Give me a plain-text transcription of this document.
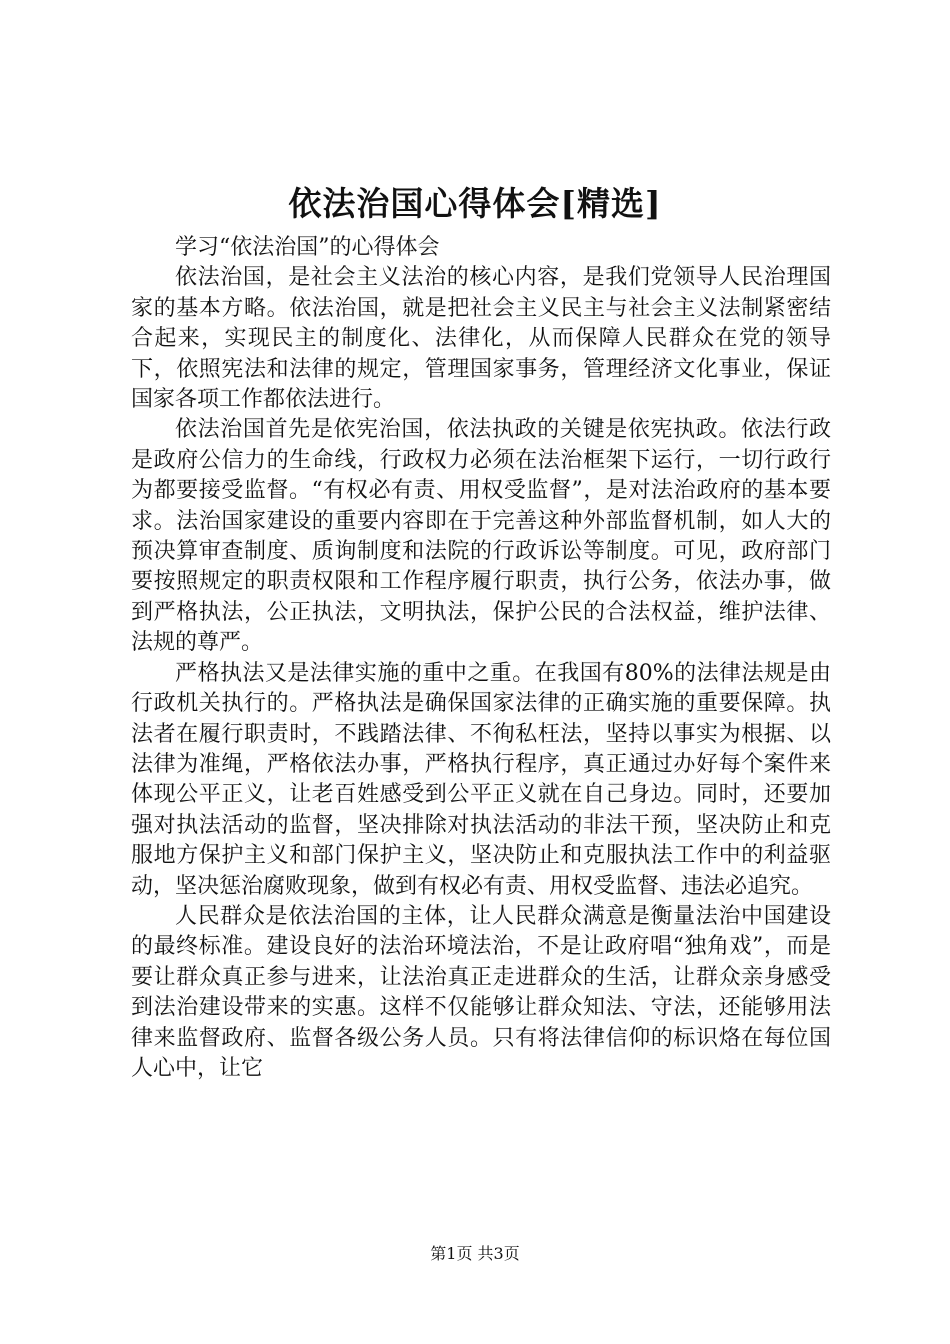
依法治国心得体会[精选]

学习“依法治国”的心得体会

依法治国，是社会主义法治的核心内容，是我们党领导人民治理国家的基本方略。依法治国，就是把社会主义民主与社会主义法制紧密结合起来，实现民主的制度化、法律化，从而保障人民群众在党的领导下，依照宪法和法律的规定，管理国家事务，管理经济文化事业，保证国家各项工作都依法进行。

依法治国首先是依宪治国，依法执政的关键是依宪执政。依法行政是政府公信力的生命线，行政权力必须在法治框架下运行，一切行政行为都要接受监督。“有权必有责、用权受监督”，是对法治政府的基本要求。法治国家建设的重要内容即在于完善这种外部监督机制，如人大的预决算审查制度、质询制度和法院的行政诉讼等制度。可见，政府部门要按照规定的职责权限和工作程序履行职责，执行公务，依法办事，做到严格执法，公正执法，文明执法，保护公民的合法权益，维护法律、法规的尊严。

严格执法又是法律实施的重中之重。在我国有80%的法律法规是由行政机关执行的。严格执法是确保国家法律的正确实施的重要保障。执法者在履行职责时，不践踏法律、不徇私枉法，坚持以事实为根据、以法律为准绳，严格依法办事，严格执行程序，真正通过办好每个案件来体现公平正义，让老百姓感受到公平正义就在自己身边。同时，还要加强对执法活动的监督，坚决排除对执法活动的非法干预，坚决防止和克服地方保护主义和部门保护主义，坚决防止和克服执法工作中的利益驱动，坚决惩治腐败现象，做到有权必有责、用权受监督、违法必追究。

人民群众是依法治国的主体，让人民群众满意是衡量法治中国建设的最终标准。建设良好的法治环境法治，不是让政府唱“独角戏”，而是要让群众真正参与进来，让法治真正走进群众的生活，让群众亲身感受到法治建设带来的实惠。这样不仅能够让群众知法、守法，还能够用法律来监督政府、监督各级公务人员。只有将法律信仰的标识烙在每位国人心中，让它

第1页 共3页
